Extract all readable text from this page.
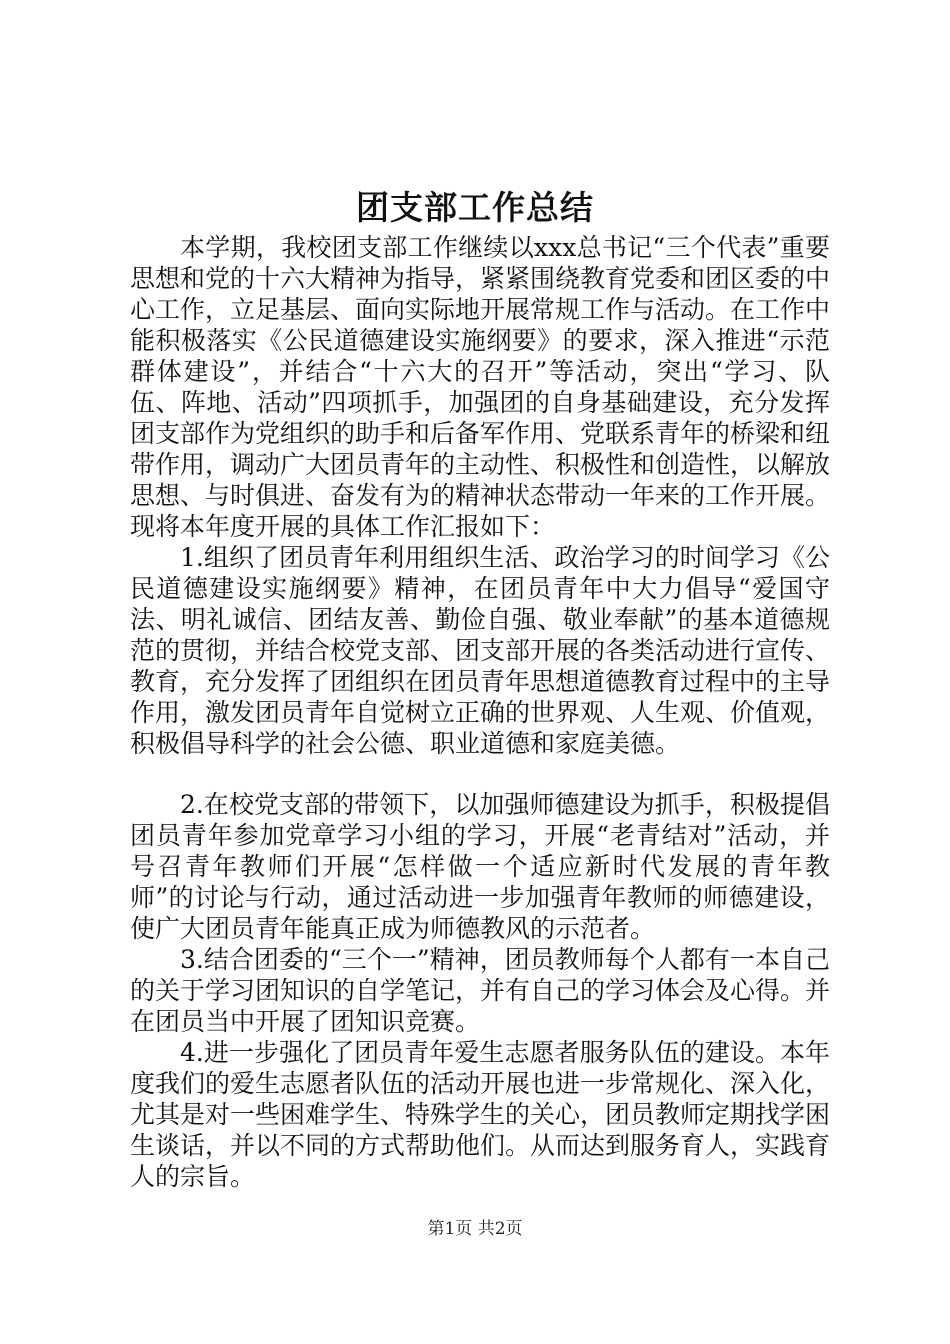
团支部工作总结

本学期，我校团支部工作继续以xxx总书记“三个代表”重要思想和党的十六大精神为指导，紧紧围绕教育党委和团区委的中心工作，立足基层、面向实际地开展常规工作与活动。在工作中能积极落实《公民道德建设实施纲要》的要求，深入推进“示范群体建设”，并结合“十六大的召开”等活动，突出“学习、队伍、阵地、活动”四项抓手，加强团的自身基础建设，充分发挥团支部作为党组织的助手和后备军作用、党联系青年的桥梁和纽带作用，调动广大团员青年的主动性、积极性和创造性，以解放思想、与时俱进、奋发有为的精神状态带动一年来的工作开展。现将本年度开展的具体工作汇报如下：

1.组织了团员青年利用组织生活、政治学习的时间学习《公民道德建设实施纲要》精神，在团员青年中大力倡导“爱国守法、明礼诚信、团结友善、勤俭自强、敬业奉献”的基本道德规范的贯彻，并结合校党支部、团支部开展的各类活动进行宣传、教育，充分发挥了团组织在团员青年思想道德教育过程中的主导作用，激发团员青年自觉树立正确的世界观、人生观、价值观，积极倡导科学的社会公德、职业道德和家庭美德。

2.在校党支部的带领下，以加强师德建设为抓手，积极提倡团员青年参加党章学习小组的学习，开展“老青结对”活动，并号召青年教师们开展“怎样做一个适应新时代发展的青年教师”的讨论与行动，通过活动进一步加强青年教师的师德建设，使广大团员青年能真正成为师德教风的示范者。

3.结合团委的“三个一”精神，团员教师每个人都有一本自己的关于学习团知识的自学笔记，并有自己的学习体会及心得。并在团员当中开展了团知识竞赛。

4.进一步强化了团员青年爱生志愿者服务队伍的建设。本年度我们的爱生志愿者队伍的活动开展也进一步常规化、深入化，尤其是对一些困难学生、特殊学生的关心，团员教师定期找学困生谈话，并以不同的方式帮助他们。从而达到服务育人，实践育人的宗旨。

第1页 共2页
